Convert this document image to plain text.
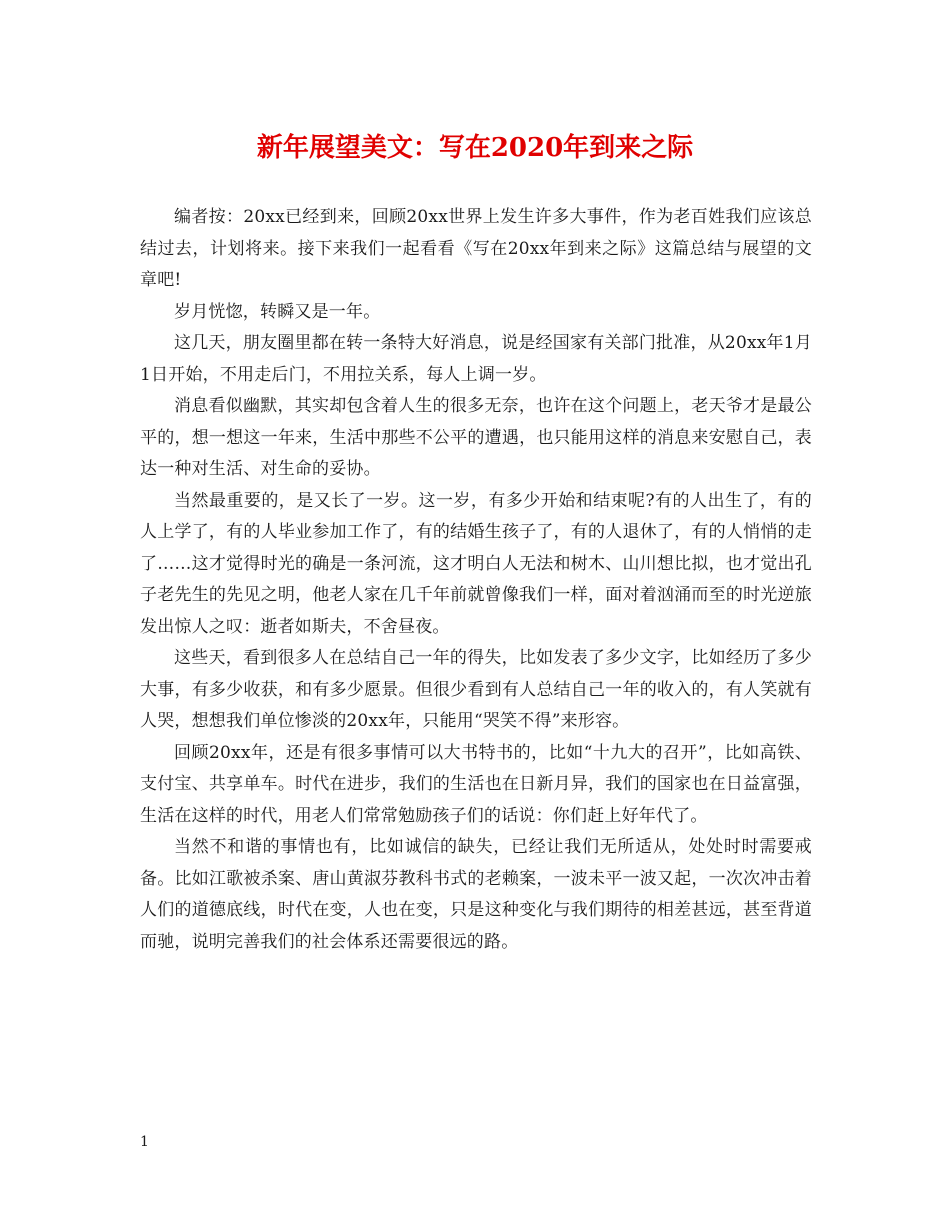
新年展望美文：写在2020年到来之际

编者按：20xx已经到来，回顾20xx世界上发生许多大事件，作为老百姓我们应该总结过去，计划将来。接下来我们一起看看《写在20xx年到来之际》这篇总结与展望的文章吧!

岁月恍惚，转瞬又是一年。

这几天，朋友圈里都在转一条特大好消息，说是经国家有关部门批准，从20xx年1月1日开始，不用走后门，不用拉关系，每人上调一岁。

消息看似幽默，其实却包含着人生的很多无奈，也许在这个问题上，老天爷才是最公平的，想一想这一年来，生活中那些不公平的遭遇，也只能用这样的消息来安慰自己，表达一种对生活、对生命的妥协。

当然最重要的，是又长了一岁。这一岁，有多少开始和结束呢?有的人出生了，有的人上学了，有的人毕业参加工作了，有的结婚生孩子了，有的人退休了，有的人悄悄的走了……这才觉得时光的确是一条河流，这才明白人无法和树木、山川想比拟，也才觉出孔子老先生的先见之明，他老人家在几千年前就曾像我们一样，面对着汹涌而至的时光逆旅发出惊人之叹：逝者如斯夫，不舍昼夜。

这些天，看到很多人在总结自己一年的得失，比如发表了多少文字，比如经历了多少大事，有多少收获，和有多少愿景。但很少看到有人总结自己一年的收入的，有人笑就有人哭，想想我们单位惨淡的20xx年，只能用“哭笑不得”来形容。

回顾20xx年，还是有很多事情可以大书特书的，比如“十九大的召开”，比如高铁、支付宝、共享单车。时代在进步，我们的生活也在日新月异，我们的国家也在日益富强，生活在这样的时代，用老人们常常勉励孩子们的话说：你们赶上好年代了。

当然不和谐的事情也有，比如诚信的缺失，已经让我们无所适从，处处时时需要戒备。比如江歌被杀案、唐山黄淑芬教科书式的老赖案，一波未平一波又起，一次次冲击着人们的道德底线，时代在变，人也在变，只是这种变化与我们期待的相差甚远，甚至背道而驰，说明完善我们的社会体系还需要很远的路。

1
